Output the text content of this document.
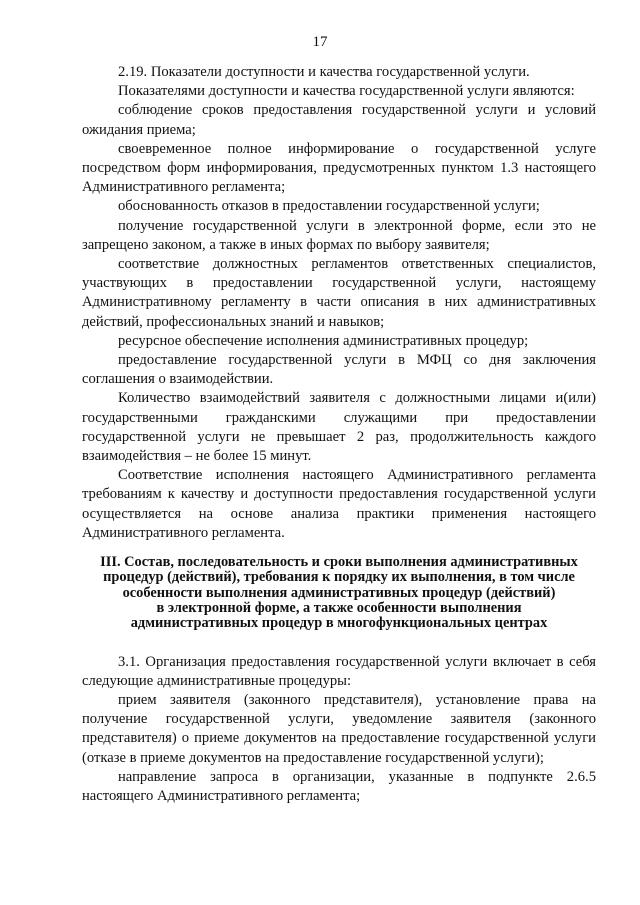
17

2.19. Показатели доступности и качества государственной услуги.

Показателями доступности и качества государственной услуги являются:

соблюдение сроков предоставления государственной услуги и условий ожидания приема;

своевременное полное информирование о государственной услуге посредством форм информирования, предусмотренных пунктом 1.3 настоящего Административного регламента;

обоснованность отказов в предоставлении государственной услуги;

получение государственной услуги в электронной форме, если это не запрещено законом, а также в иных формах по выбору заявителя;

соответствие должностных регламентов ответственных специалистов, участвующих в предоставлении государственной услуги, настоящему Административному регламенту в части описания в них административных действий, профессиональных знаний и навыков;

ресурсное обеспечение исполнения административных процедур;

предоставление государственной услуги в МФЦ со дня заключения соглашения о взаимодействии.

Количество взаимодействий заявителя с должностными лицами и(или) государственными гражданскими служащими при предоставлении государственной услуги не превышает 2 раз, продолжительность каждого взаимодействия – не более 15 минут.

Соответствие исполнения настоящего Административного регламента требованиям к качеству и доступности предоставления государственной услуги осуществляется на основе анализа практики применения настоящего Административного регламента.

III. Состав, последовательность и сроки выполнения административных
процедур (действий), требования к порядку их выполнения, в том числе
особенности выполнения административных процедур (действий)
в электронной форме, а также особенности выполнения
административных процедур в многофункциональных центрах

3.1. Организация предоставления государственной услуги включает в себя следующие административные процедуры:

прием заявителя (законного представителя), установление права на получение государственной услуги, уведомление заявителя (законного представителя) о приеме документов на предоставление государственной услуги (отказе в приеме документов на предоставление государственной услуги);

направление запроса в организации, указанные в подпункте 2.6.5 настоящего Административного регламента;
